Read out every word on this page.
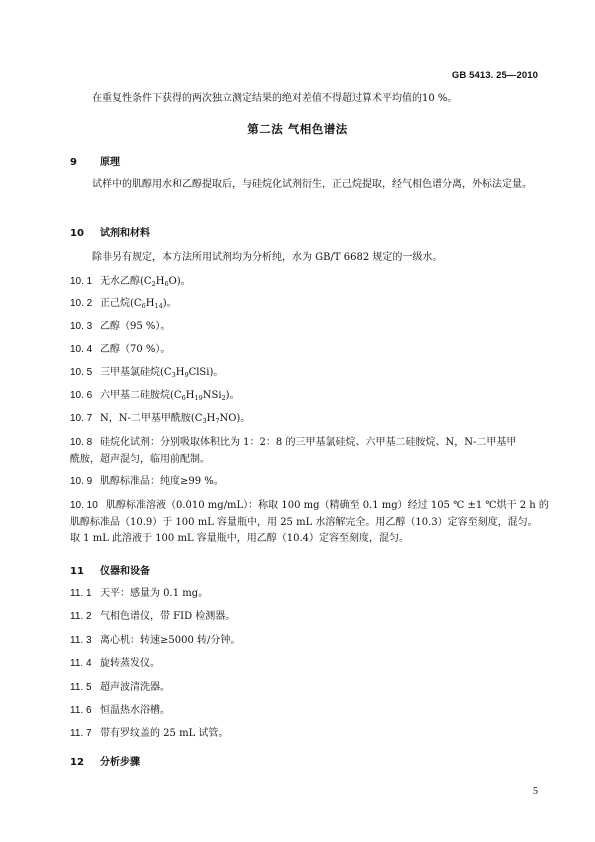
GB 5413. 25—2010
在重复性条件下获得的两次独立测定结果的绝对差值不得超过算术平均值的10 %。
第二法 气相色谱法
9 原理
试样中的肌醇用水和乙醇提取后，与硅烷化试剂衍生，正己烷提取，经气相色谱分离，外标法定量。
10 试剂和材料
除非另有规定，本方法所用试剂均为分析纯，水为 GB/T 6682 规定的一级水。
10. 1 无水乙醇$(C_2H_6O)$。
10. 2 正己烷$(C_6H_{14})$。
10. 3 乙醇（95 %）。
10. 4 乙醇（70 %）。
10. 5 三甲基氯硅烷$(C_3H_9ClSi)$。
10. 6 六甲基二硅胺烷$(C_6H_{19}NSi_2)$。
10. 7 N，N-二甲基甲酰胺$(C_3H_7NO)$。
10. 8 硅烷化试剂：分别吸取体积比为 1：2：8 的三甲基氯硅烷、六甲基二硅胺烷、N，N-二甲基甲
酰胺，超声混匀，临用前配制。
10. 9 肌醇标准品：纯度≥99 %。
10. 10 肌醇标准溶液（0.010 mg/mL）：称取 100 mg（精确至 0.1 mg）经过 105 ℃ ±1 ℃烘干 2 h 的
肌醇标准品（10.9）于 100 mL 容量瓶中，用 25 mL 水溶解完全。用乙醇（10.3）定容至刻度，混匀。
取 1 mL 此溶液于 100 mL 容量瓶中，用乙醇（10.4）定容至刻度，混匀。
11 仪器和设备
11. 1 天平：感量为 0.1 mg。
11. 2 气相色谱仪，带 FID 检测器。
11. 3 离心机：转速≥5000 转/分钟。
11. 4 旋转蒸发仪。
11. 5 超声波清洗器。
11. 6 恒温热水浴槽。
11. 7 带有罗纹盖的 25 mL 试管。
12 分析步骤
5
